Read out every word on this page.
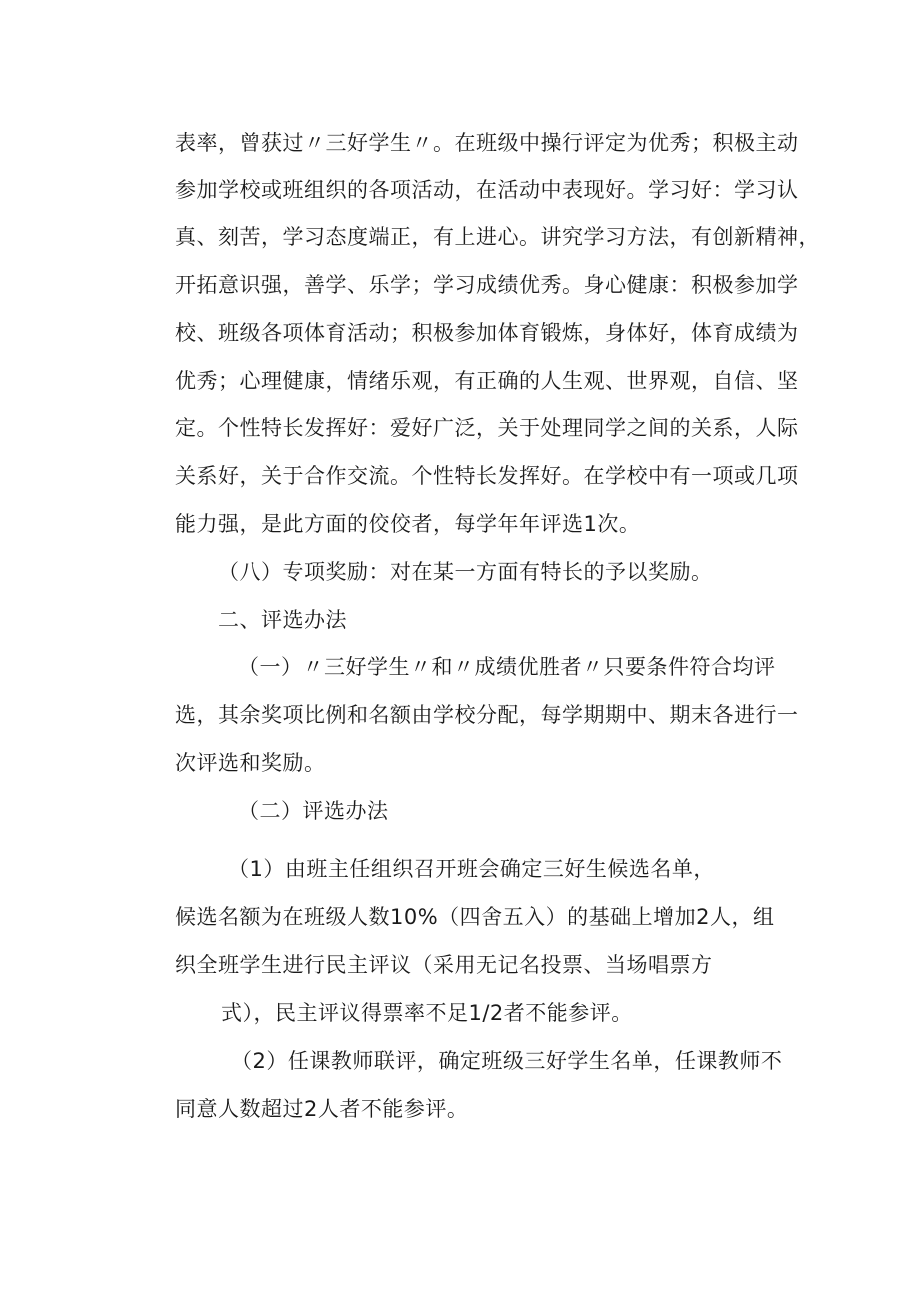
表率，曾获过〃三好学生〃。在班级中操行评定为优秀；积极主动
参加学校或班组织的各项活动，在活动中表现好。学习好：学习认
真、刻苦，学习态度端正，有上进心。讲究学习方法，有创新精神，
开拓意识强，善学、乐学；学习成绩优秀。身心健康：积极参加学
校、班级各项体育活动；积极参加体育锻炼，身体好，体育成绩为
优秀；心理健康，情绪乐观，有正确的人生观、世界观，自信、坚
定。个性特长发挥好：爱好广泛，关于处理同学之间的关系，人际
关系好，关于合作交流。个性特长发挥好。在学校中有一项或几项
能力强，是此方面的佼佼者，每学年年评选1次。
（八）专项奖励：对在某一方面有特长的予以奖励。
二、评选办法
（一）〃三好学生〃和〃成绩优胜者〃只要条件符合均评
选，其余奖项比例和名额由学校分配，每学期期中、期末各进行一
次评选和奖励。
（二）评选办法
（1）由班主任组织召开班会确定三好生候选名单，
候选名额为在班级人数10%（四舍五入）的基础上增加2人，组
织全班学生进行民主评议（采用无记名投票、当场唱票方
式），民主评议得票率不足1/2者不能参评。
（2）任课教师联评，确定班级三好学生名单，任课教师不
同意人数超过2人者不能参评。
